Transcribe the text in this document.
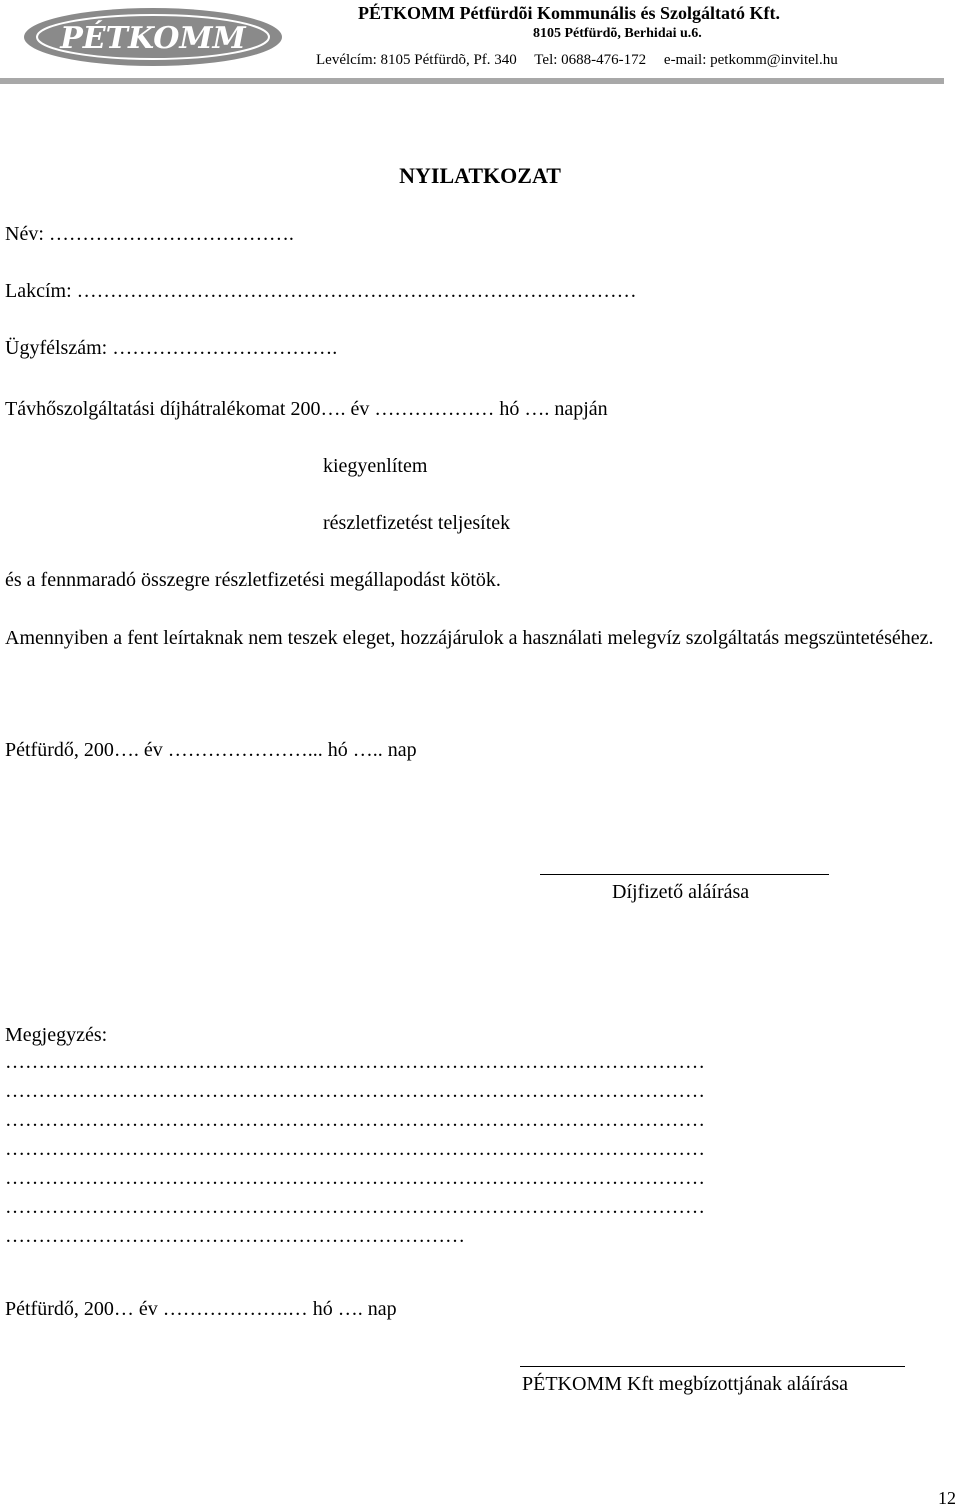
PÉTKOMM
PÉTKOMM Pétfürdõi Kommunális és Szolgáltató Kft.
8105 Pétfürdõ, Berhidai u.6.
Levélcím: 8105 Pétfürdõ, Pf. 340 Tel: 0688-476-172 e-mail: petkomm@invitel.hu
NYILATKOZAT
Név: ……………………………….
Lakcím: …………………………………………………………………………
Ügyfélszám: …………………………….
Távhőszolgáltatási díjhátralékomat 200…. év ……………… hó …. napján
kiegyenlítem
részletfizetést teljesítek
és a fennmaradó összegre részletfizetési megállapodást kötök.
Amennyiben a fent leírtaknak nem teszek eleget, hozzájárulok a használati melegvíz szolgáltatás megszüntetéséhez.
Pétfürdő, 200…. év …………………... hó ….. nap
Díjfizető aláírása
Megjegyzés:
……………………………………………………………………………………………
……………………………………………………………………………………………
……………………………………………………………………………………………
……………………………………………………………………………………………
……………………………………………………………………………………………
……………………………………………………………………………………………
……………………………………………………………
Pétfürdő, 200… év ……………….… hó …. nap
PÉTKOMM Kft megbízottjának aláírása
12
